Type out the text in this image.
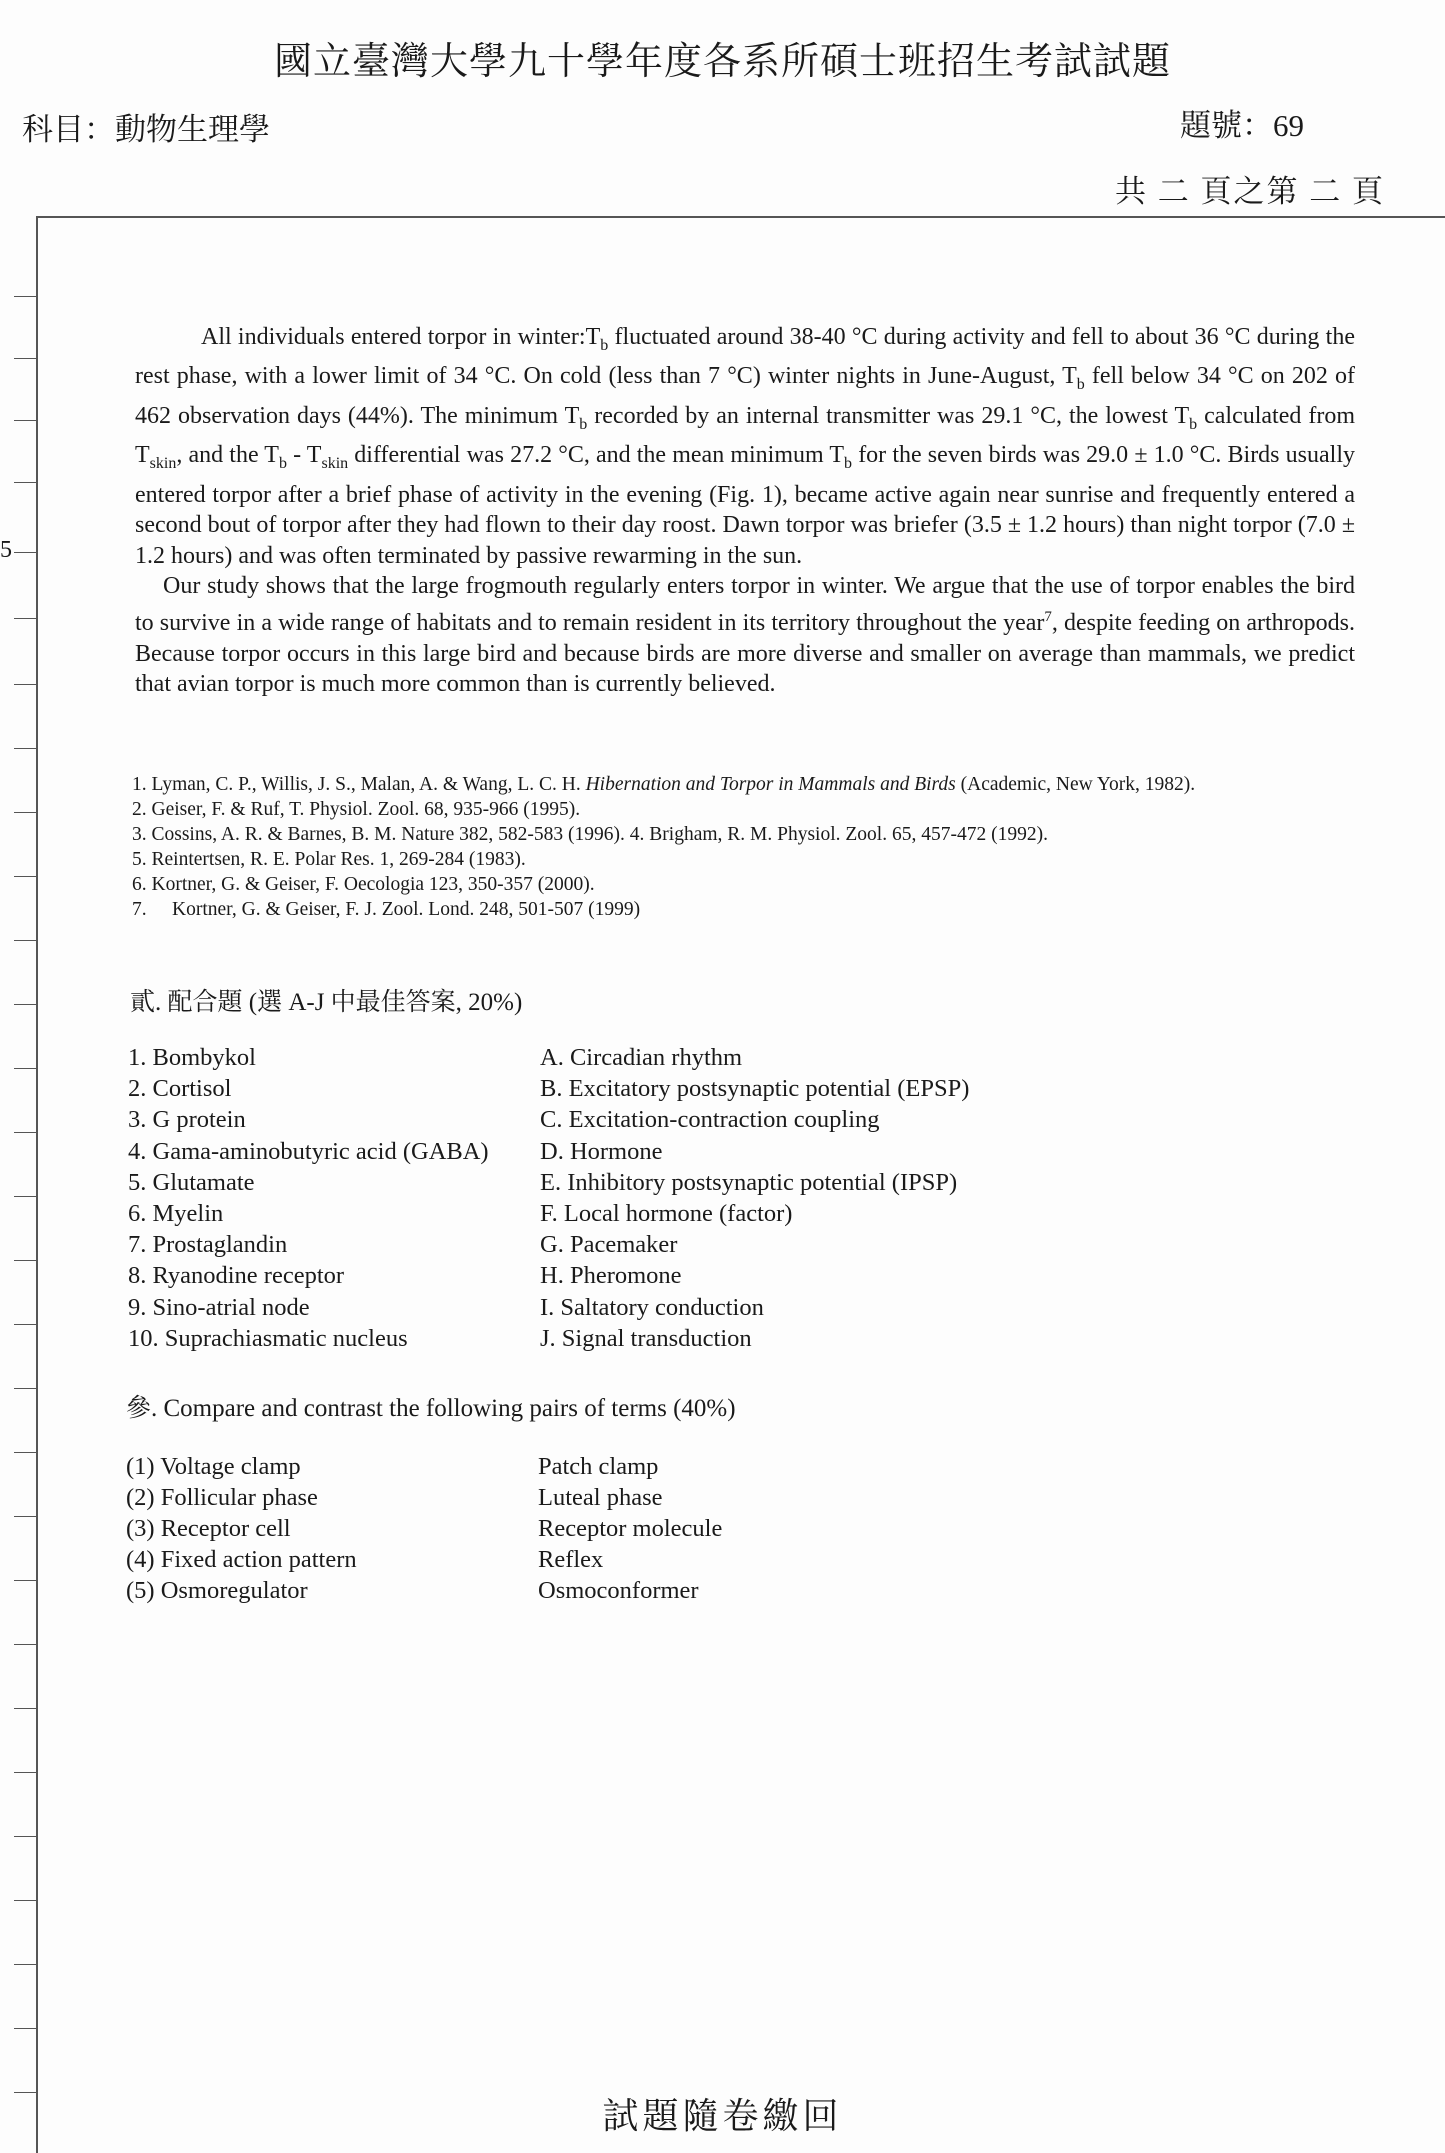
國立臺灣大學九十學年度各系所碩士班招生考試試題
科目：動物生理學	題號：69
共 二 頁之第 二 頁
5

All individuals entered torpor in $winter:T_b$ fluctuated around 38-40 °C during activity and fell to about 36 °C during the rest phase, with a lower limit of 34 °C. On cold (less than 7 °C) winter nights in June-August, $T_b$ fell below 34 °C on 202 of 462 observation days (44%). The minimum $T_b$ recorded by an internal transmitter was 29.1 °C, the lowest $T_b$ calculated from $T_{skin}$, and the $T_b - T_{skin}$ differential was 27.2 °C, and the mean minimum $T_b$ for the seven birds was 29.0 ± 1.0 °C. Birds usually entered torpor after a brief phase of activity in the evening (Fig. 1), became active again near sunrise and frequently entered a second bout of torpor after they had flown to their day roost. Dawn torpor was briefer (3.5 ± 1.2 hours) than night torpor (7.0 ± 1.2 hours) and was often terminated by passive rewarming in the sun.

Our study shows that the large frogmouth regularly enters torpor in winter. We argue that the use of torpor enables the bird to survive in a wide range of habitats and to remain resident in its territory throughout the year$^7$, despite feeding on arthropods. Because torpor occurs in this large bird and because birds are more diverse and smaller on average than mammals, we predict that avian torpor is much more common than is currently believed.

1. Lyman, C. P., Willis, J. S., Malan, A. & Wang, L. C. H. Hibernation and Torpor in Mammals and Birds (Academic, New York, 1982).
2. Geiser, F. & Ruf, T. Physiol. Zool. 68, 935-966 (1995).
3. Cossins, A. R. & Barnes, B. M. Nature 382, 582-583 (1996). 4. Brigham, R. M. Physiol. Zool. 65, 457-472 (1992).
5. Reintertsen, R. E. Polar Res. 1, 269-284 (1983).
6. Kortner, G. & Geiser, F. Oecologia 123, 350-357 (2000).
7. Kortner, G. & Geiser, F. J. Zool. Lond. 248, 501-507 (1999)
貳. 配合題 (選 A-J 中最佳答案, 20%)
1. Bombykol	A. Circadian rhythm
2. Cortisol	B. Excitatory postsynaptic potential (EPSP)
3. G protein	C. Excitation-contraction coupling
4. Gama-aminobutyric acid (GABA)	D. Hormone
5. Glutamate	E. Inhibitory postsynaptic potential (IPSP)
6. Myelin	F. Local hormone (factor)
7. Prostaglandin	G. Pacemaker
8. Ryanodine receptor	H. Pheromone
9. Sino-atrial node	I. Saltatory conduction
10. Suprachiasmatic nucleus	J. Signal transduction
參. Compare and contrast the following pairs of terms (40%)
(1) Voltage clamp	Patch clamp
(2) Follicular phase	Luteal phase
(3) Receptor cell	Receptor molecule
(4) Fixed action pattern	Reflex
(5) Osmoregulator	Osmoconformer
試題隨卷繳回
